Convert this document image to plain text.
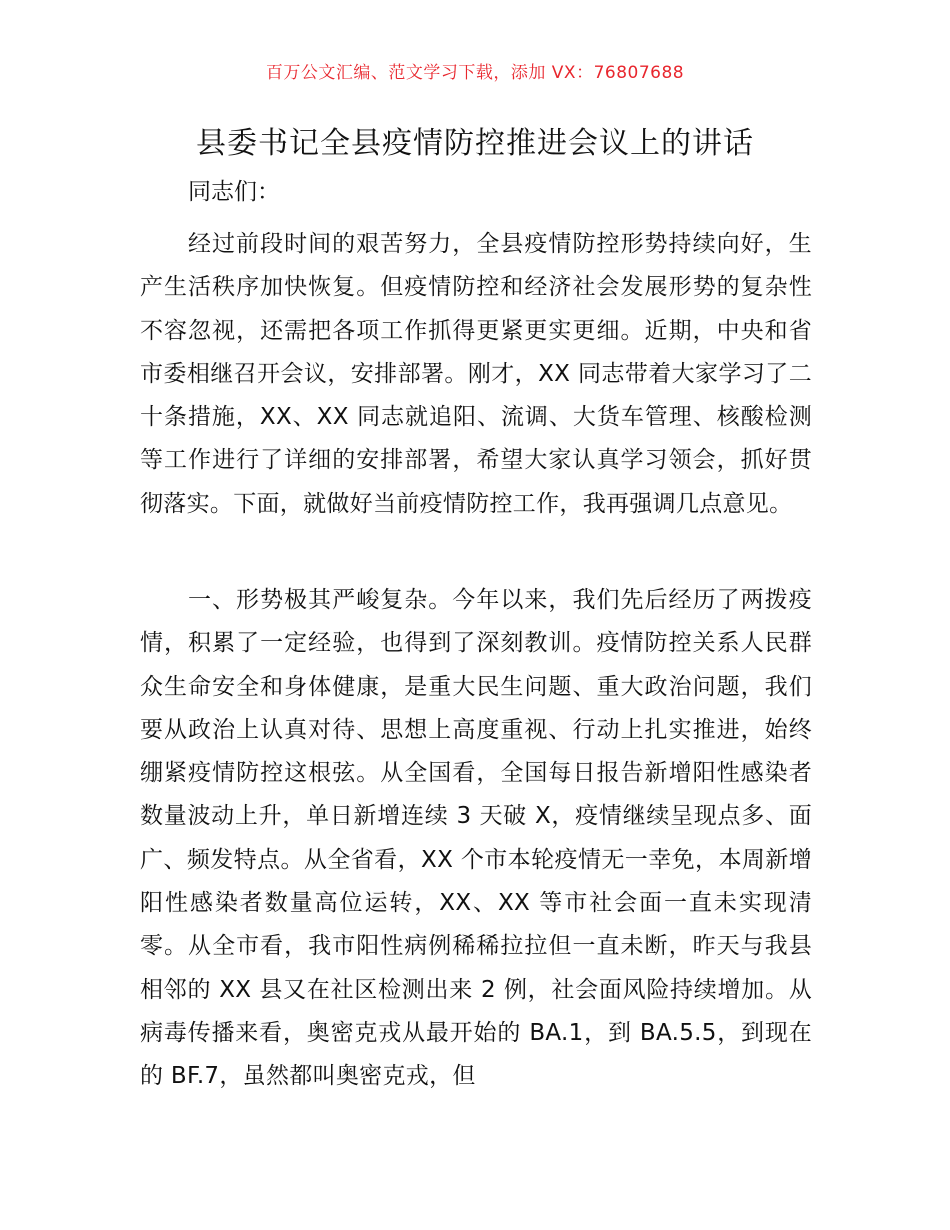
百万公文汇编、范文学习下载，添加 VX：76807688
县委书记全县疫情防控推进会议上的讲话
同志们：
经过前段时间的艰苦努力，全县疫情防控形势持续向好，生产生活秩序加快恢复。但疫情防控和经济社会发展形势的复杂性不容忽视，还需把各项工作抓得更紧更实更细。近期，中央和省市委相继召开会议，安排部署。刚才，XX 同志带着大家学习了二十条措施，XX、XX 同志就追阳、流调、大货车管理、核酸检测等工作进行了详细的安排部署，希望大家认真学习领会，抓好贯彻落实。下面，就做好当前疫情防控工作，我再强调几点意见。
一、形势极其严峻复杂。今年以来，我们先后经历了两拨疫情，积累了一定经验，也得到了深刻教训。疫情防控关系人民群众生命安全和身体健康，是重大民生问题、重大政治问题，我们要从政治上认真对待、思想上高度重视、行动上扎实推进，始终绷紧疫情防控这根弦。从全国看，全国每日报告新增阳性感染者数量波动上升，单日新增连续 3 天破 X，疫情继续呈现点多、面广、频发特点。从全省看，XX 个市本轮疫情无一幸免，本周新增阳性感染者数量高位运转，XX、XX 等市社会面一直未实现清零。从全市看，我市阳性病例稀稀拉拉但一直未断，昨天与我县相邻的 XX 县又在社区检测出来 2 例，社会面风险持续增加。从病毒传播来看，奥密克戎从最开始的 BA.1，到 BA.5.5，到现在的 BF.7，虽然都叫奥密克戎，但
